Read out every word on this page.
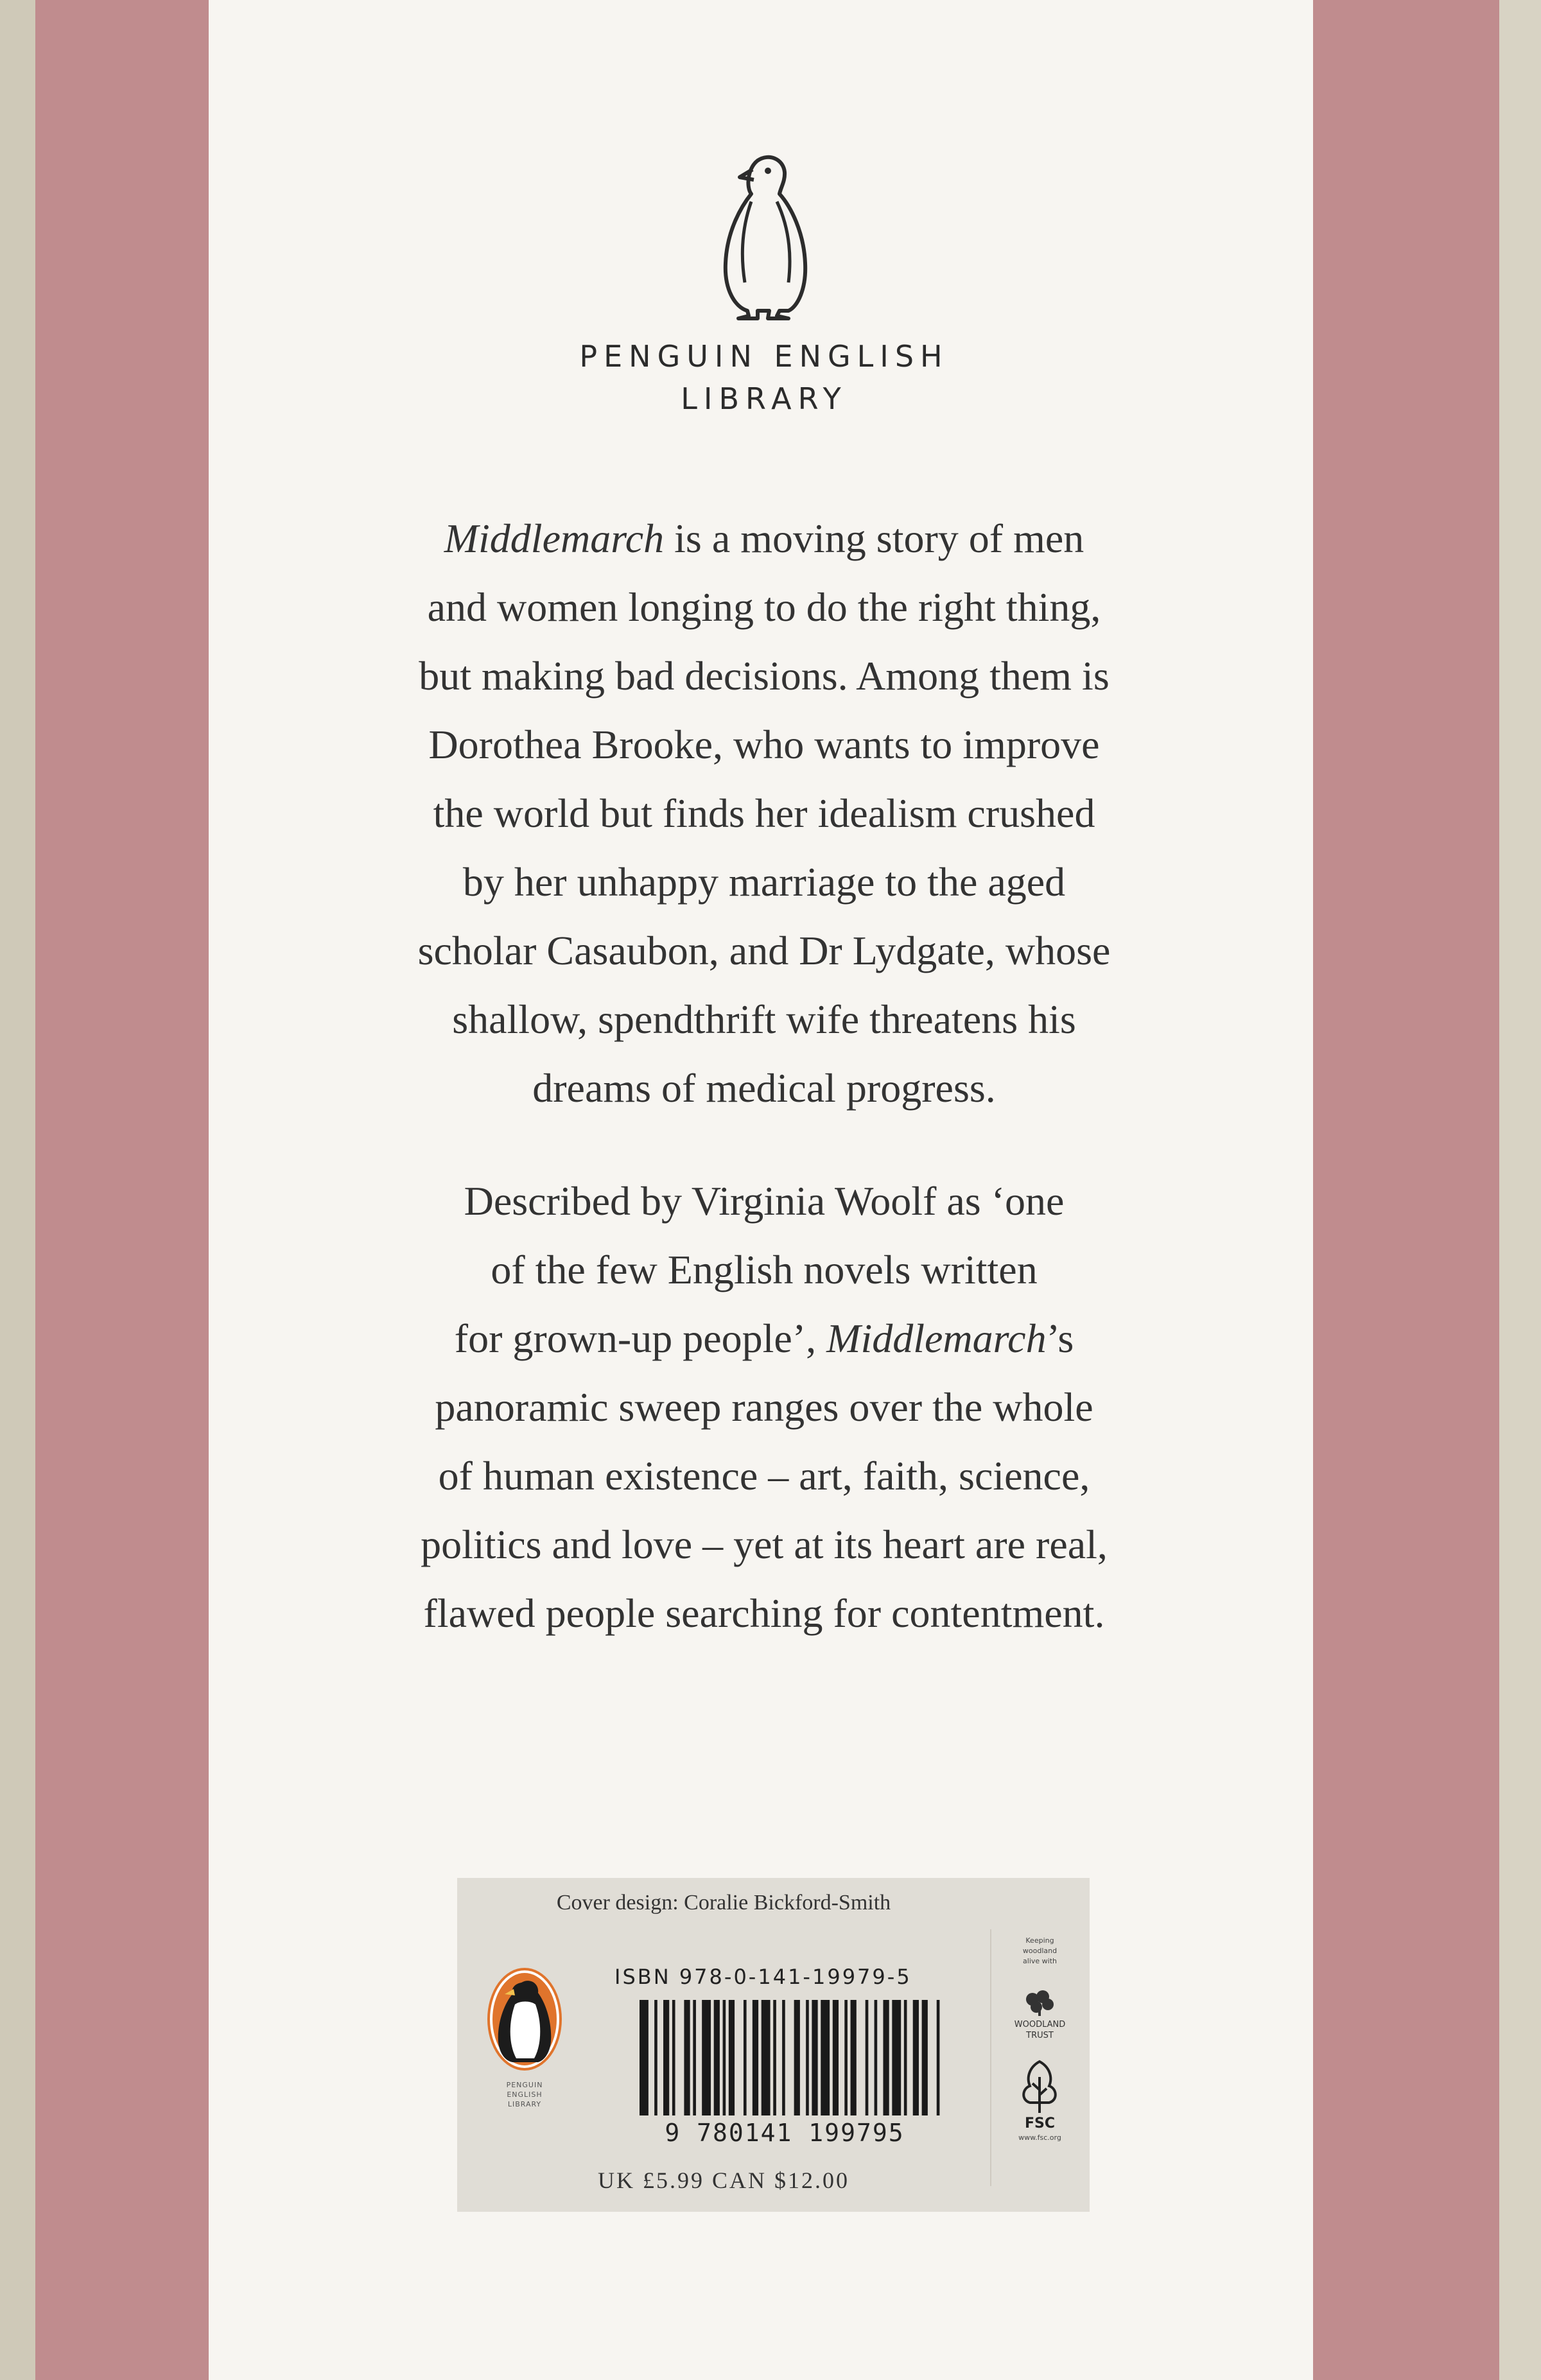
PENGUIN ENGLISH
LIBRARY

Middlemarch is a moving story of men
and women longing to do the right thing,
but making bad decisions. Among them is
Dorothea Brooke, who wants to improve
the world but finds her idealism crushed
by her unhappy marriage to the aged
scholar Casaubon, and Dr Lydgate, whose
shallow, spendthrift wife threatens his
dreams of medical progress.

Described by Virginia Woolf as ‘one
of the few English novels written
for grown-up people’, Middlemarch’s
panoramic sweep ranges over the whole
of human existence – art, faith, science,
politics and love – yet at its heart are real,
flawed people searching for contentment.

Cover design: Coralie Bickford-Smith
PENGUIN
ENGLISH
LIBRARY
ISBN 978-0-141-19979-5
9 780141 199795
UK £5.99 CAN $12.00
Keeping
woodland
alive with
WOODLAND
TRUST
FSC
www.fsc.org
